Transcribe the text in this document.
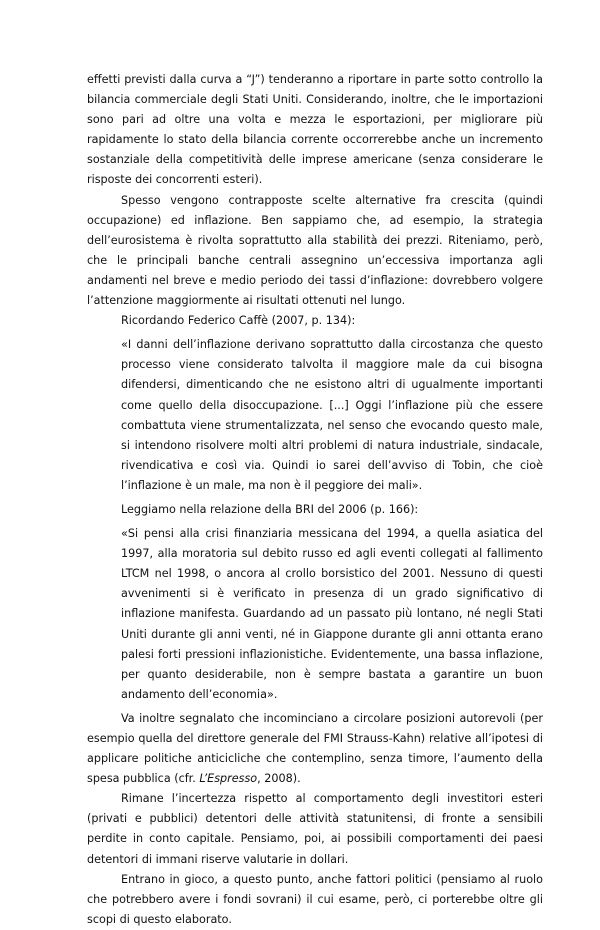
effetti previsti dalla curva a “J”) tenderanno a riportare in parte sotto controllo la bilancia commerciale degli Stati Uniti. Considerando, inoltre, che le importazioni sono pari ad oltre una volta e mezza le esportazioni, per migliorare più rapidamente lo stato della bilancia corrente occorrerebbe anche un incremento sostanziale della competitività delle imprese americane (senza considerare le risposte dei concorrenti esteri).

Spesso vengono contrapposte scelte alternative fra crescita (quindi occupazione) ed inflazione. Ben sappiamo che, ad esempio, la strategia dell’eurosistema è rivolta soprattutto alla stabilità dei prezzi. Riteniamo, però, che le principali banche centrali assegnino un’eccessiva importanza agli andamenti nel breve e medio periodo dei tassi d’inflazione: dovrebbero volgere l’attenzione maggiormente ai risultati ottenuti nel lungo.

Ricordando Federico Caffè (2007, p. 134):

«I danni dell’inflazione derivano soprattutto dalla circostanza che questo processo viene considerato talvolta il maggiore male da cui bisogna difendersi, dimenticando che ne esistono altri di ugualmente importanti come quello della disoccupazione. [...] Oggi l’inflazione più che essere combattuta viene strumentalizzata, nel senso che evocando questo male, si intendono risolvere molti altri problemi di natura industriale, sindacale, rivendicativa e così via. Quindi io sarei dell’avviso di Tobin, che cioè l’inflazione è un male, ma non è il peggiore dei mali».

Leggiamo nella relazione della BRI del 2006 (p. 166):

«Si pensi alla crisi finanziaria messicana del 1994, a quella asiatica del 1997, alla moratoria sul debito russo ed agli eventi collegati al fallimento LTCM nel 1998, o ancora al crollo borsistico del 2001. Nessuno di questi avvenimenti si è verificato in presenza di un grado significativo di inflazione manifesta. Guardando ad un passato più lontano, né negli Stati Uniti durante gli anni venti, né in Giappone durante gli anni ottanta erano palesi forti pressioni inflazionistiche. Evidentemente, una bassa inflazione, per quanto desiderabile, non è sempre bastata a garantire un buon andamento dell’economia».

Va inoltre segnalato che incominciano a circolare posizioni autorevoli (per esempio quella del direttore generale del FMI Strauss-Kahn) relative all’ipotesi di applicare politiche anticicliche che contemplino, senza timore, l’aumento della spesa pubblica (cfr. L’Espresso, 2008).

Rimane l’incertezza rispetto al comportamento degli investitori esteri (privati e pubblici) detentori delle attività statunitensi, di fronte a sensibili perdite in conto capitale. Pensiamo, poi, ai possibili comportamenti dei paesi detentori di immani riserve valutarie in dollari.

Entrano in gioco, a questo punto, anche fattori politici (pensiamo al ruolo che potrebbero avere i fondi sovrani) il cui esame, però, ci porterebbe oltre gli scopi di questo elaborato.
